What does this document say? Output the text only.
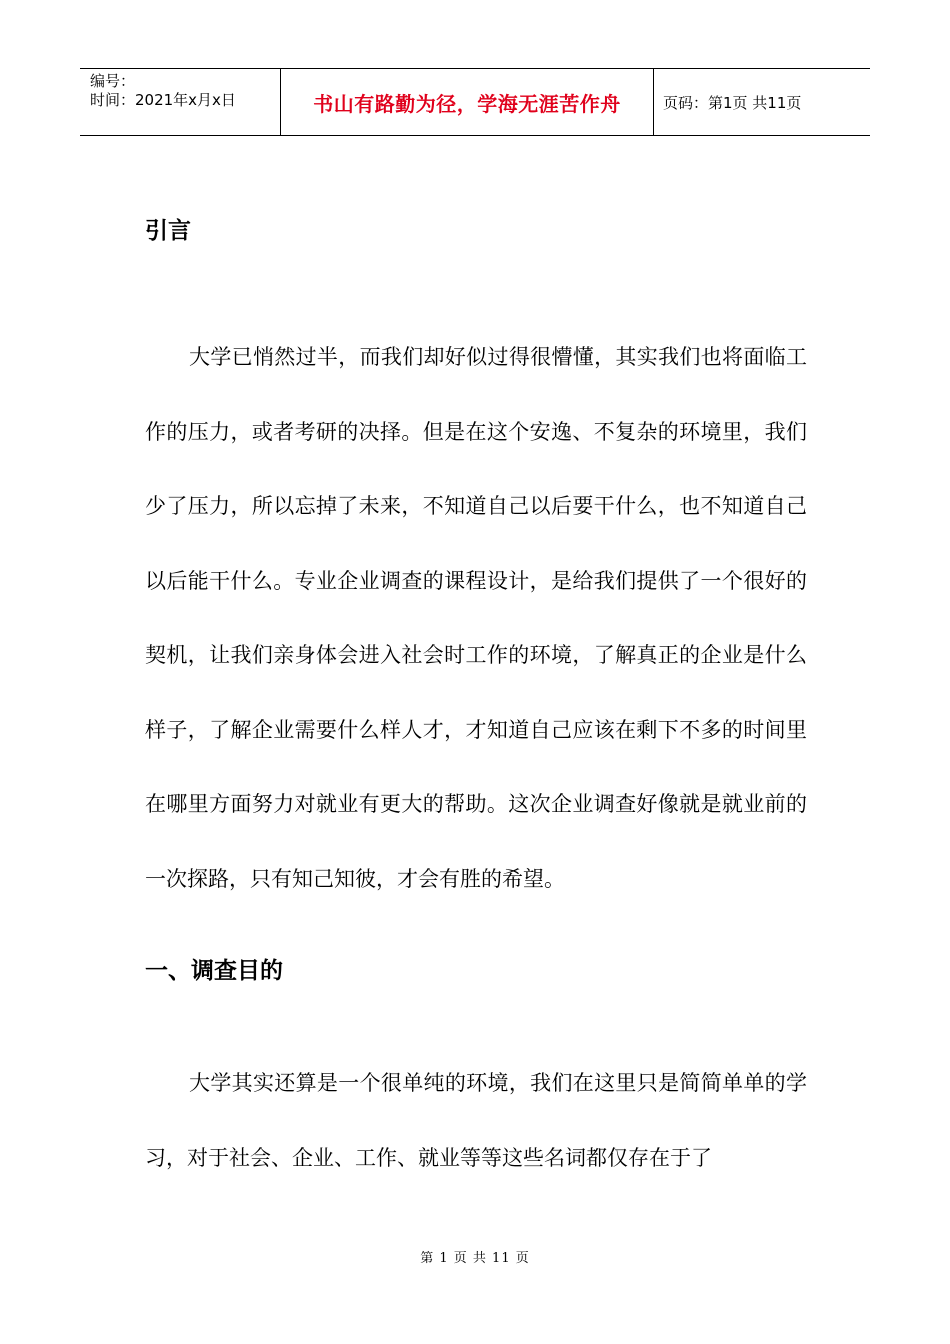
编号：
时间：2021年x月x日	书山有路勤为径，学海无涯苦作舟	页码：第1页 共11页
引言

大学已悄然过半，而我们却好似过得很懵懂，其实我们也将面临工作的压力，或者考研的决择。但是在这个安逸、不复杂的环境里，我们少了压力，所以忘掉了未来，不知道自己以后要干什么，也不知道自己以后能干什么。专业企业调查的课程设计，是给我们提供了一个很好的契机，让我们亲身体会进入社会时工作的环境，了解真正的企业是什么样子，了解企业需要什么样人才，才知道自己应该在剩下不多的时间里在哪里方面努力对就业有更大的帮助。这次企业调查好像就是就业前的一次探路，只有知己知彼，才会有胜的希望。

一、调查目的

大学其实还算是一个很单纯的环境，我们在这里只是简简单单的学习，对于社会、企业、工作、就业等等这些名词都仅存在于了

第 1 页 共 11 页
